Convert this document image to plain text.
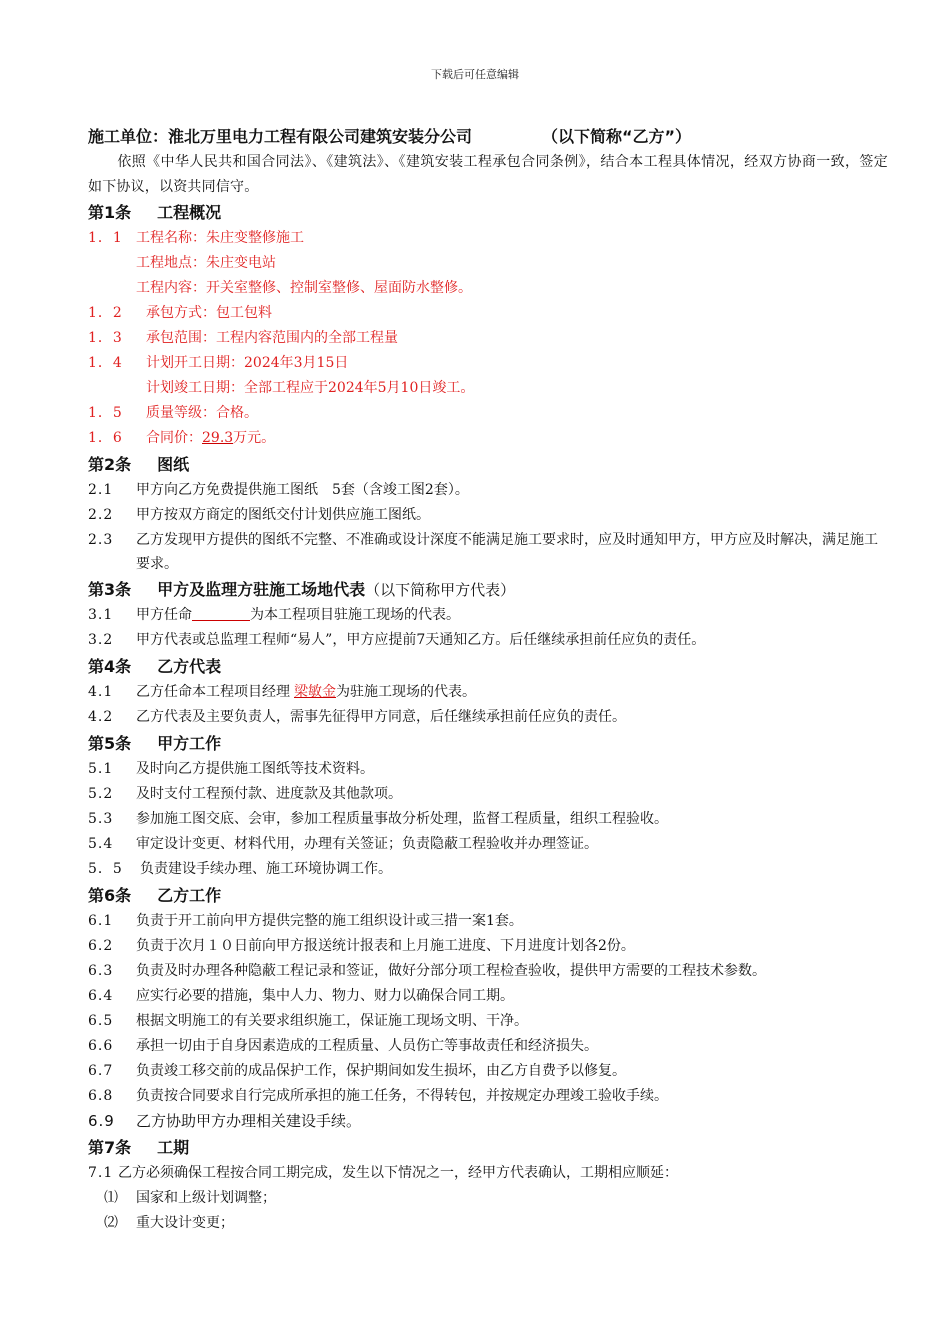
下载后可任意编辑
施工单位：淮北万里电力工程有限公司建筑安装分公司	（以下简称“乙方”）
依照《中华人民共和国合同法》、《建筑法》、《建筑安装工程承包合同条例》，结合本工程具体情况，经双方协商一致，签定如下协议，以资共同信守。
第1条 工程概况
1．1 工程名称：朱庄变整修施工
工程地点：朱庄变电站
工程内容：开关室整修、控制室整修、屋面防水整修。
1．2 承包方式：包工包料
1．3 承包范围：工程内容范围内的全部工程量
1．4 计划开工日期：2024年3月15日
计划竣工日期：全部工程应于2024年5月10日竣工。
1．5 质量等级：合格。
1．6 合同价：29.3万元。
第2条 图纸
2.1 甲方向乙方免费提供施工图纸　5套（含竣工图2套）。
2.2 甲方按双方商定的图纸交付计划供应施工图纸。
2.3 乙方发现甲方提供的图纸不完整、不准确或设计深度不能满足施工要求时，应及时通知甲方，甲方应及时解决，满足施工要求。
第3条 甲方及监理方驻施工场地代表（以下简称甲方代表）
3.1 甲方任命	为本工程项目驻施工现场的代表。
3.2 甲方代表或总监理工程师“易人”，甲方应提前7天通知乙方。后任继续承担前任应负的责任。
第4条 乙方代表
4.1 乙方任命本工程项目经理 梁敏金为驻施工现场的代表。
4.2 乙方代表及主要负责人，需事先征得甲方同意，后任继续承担前任应负的责任。
第5条 甲方工作
5.1 及时向乙方提供施工图纸等技术资料。
5.2 及时支付工程预付款、进度款及其他款项。
5.3 参加施工图交底、会审，参加工程质量事故分析处理，监督工程质量，组织工程验收。
5.4 审定设计变更、材料代用，办理有关签证；负责隐蔽工程验收并办理签证。
5．5 负责建设手续办理、施工环境协调工作。
第6条 乙方工作
6.1 负责于开工前向甲方提供完整的施工组织设计或三措一案1套。
6.2 负责于次月１０日前向甲方报送统计报表和上月施工进度、下月进度计划各2份。
6.3 负责及时办理各种隐蔽工程记录和签证，做好分部分项工程检查验收，提供甲方需要的工程技术参数。
6.4 应实行必要的措施，集中人力、物力、财力以确保合同工期。
6.5 根据文明施工的有关要求组织施工，保证施工现场文明、干净。
6.6 承担一切由于自身因素造成的工程质量、人员伤亡等事故责任和经济损失。
6.7 负责竣工移交前的成品保护工作，保护期间如发生损坏，由乙方自费予以修复。
6.8 负责按合同要求自行完成所承担的施工任务，不得转包，并按规定办理竣工验收手续。
6.9 乙方协助甲方办理相关建设手续。
第7条 工期
7.1 乙方必须确保工程按合同工期完成，发生以下情况之一，经甲方代表确认，工期相应顺延：
⑴ 国家和上级计划调整；
⑵ 重大设计变更；
